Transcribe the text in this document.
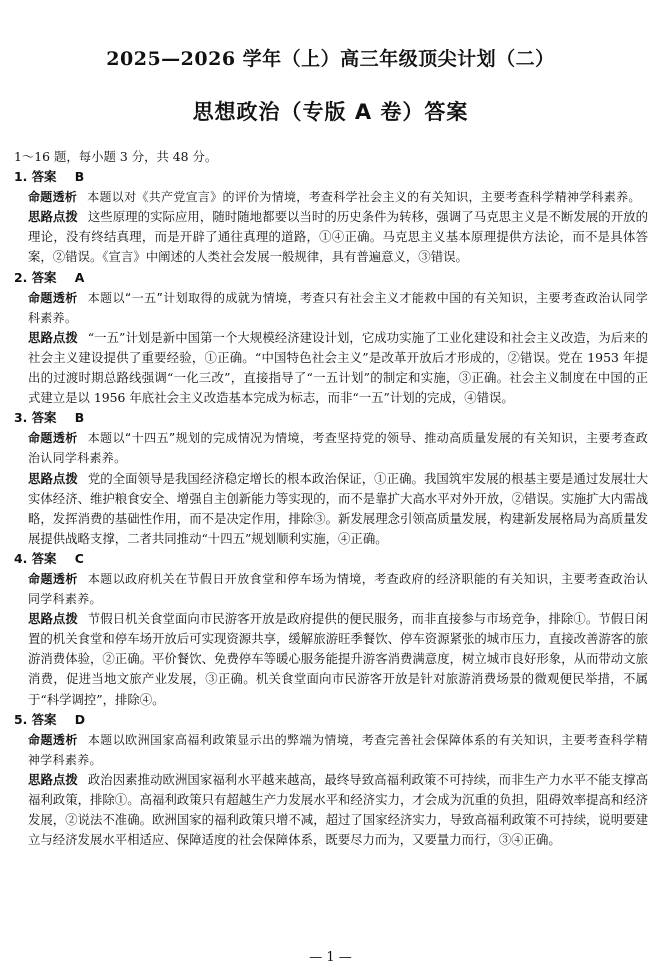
2025—2026 学年（上）高三年级顶尖计划（二）
思想政治（专版 A 卷）答案

1～16 题，每小题 3 分，共 48 分。

1. 答案 B

命题透析 本题以对《共产党宣言》的评价为情境，考查科学社会主义的有关知识，主要考查科学精神学科素养。

思路点拨 这些原理的实际应用，随时随地都要以当时的历史条件为转移，强调了马克思主义是不断发展的开放的理论，没有终结真理，而是开辟了通往真理的道路，①④正确。马克思主义基本原理提供方法论，而不是具体答案，②错误。《宣言》中阐述的人类社会发展一般规律，具有普遍意义，③错误。

2. 答案 A

命题透析 本题以“一五”计划取得的成就为情境，考查只有社会主义才能救中国的有关知识，主要考查政治认同学科素养。

思路点拨 “一五”计划是新中国第一个大规模经济建设计划，它成功实施了工业化建设和社会主义改造，为后来的社会主义建设提供了重要经验，①正确。“中国特色社会主义”是改革开放后才形成的，②错误。党在 1953 年提出的过渡时期总路线强调“一化三改”，直接指导了“一五计划”的制定和实施，③正确。社会主义制度在中国的正式建立是以 1956 年底社会主义改造基本完成为标志，而非“一五”计划的完成，④错误。

3. 答案 B

命题透析 本题以“十四五”规划的完成情况为情境，考查坚持党的领导、推动高质量发展的有关知识，主要考查政治认同学科素养。

思路点拨 党的全面领导是我国经济稳定增长的根本政治保证，①正确。我国筑牢发展的根基主要是通过发展壮大实体经济、维护粮食安全、增强自主创新能力等实现的，而不是靠扩大高水平对外开放，②错误。实施扩大内需战略，发挥消费的基础性作用，而不是决定作用，排除③。新发展理念引领高质量发展，构建新发展格局为高质量发展提供战略支撑，二者共同推动“十四五”规划顺利实施，④正确。

4. 答案 C

命题透析 本题以政府机关在节假日开放食堂和停车场为情境，考查政府的经济职能的有关知识，主要考查政治认同学科素养。

思路点拨 节假日机关食堂面向市民游客开放是政府提供的便民服务，而非直接参与市场竞争，排除①。节假日闲置的机关食堂和停车场开放后可实现资源共享，缓解旅游旺季餐饮、停车资源紧张的城市压力，直接改善游客的旅游消费体验，②正确。平价餐饮、免费停车等暖心服务能提升游客消费满意度，树立城市良好形象，从而带动文旅消费，促进当地文旅产业发展，③正确。机关食堂面向市民游客开放是针对旅游消费场景的微观便民举措，不属于“科学调控”，排除④。

5. 答案 D

命题透析 本题以欧洲国家高福利政策显示出的弊端为情境，考查完善社会保障体系的有关知识，主要考查科学精神学科素养。

思路点拨 政治因素推动欧洲国家福利水平越来越高，最终导致高福利政策不可持续，而非生产力水平不能支撑高福利政策，排除①。高福利政策只有超越生产力发展水平和经济实力，才会成为沉重的负担，阻碍效率提高和经济发展，②说法不准确。欧洲国家的福利政策只增不减，超过了国家经济实力，导致高福利政策不可持续，说明要建立与经济发展水平相适应、保障适度的社会保障体系，既要尽力而为，又要量力而行，③④正确。

— 1 —
